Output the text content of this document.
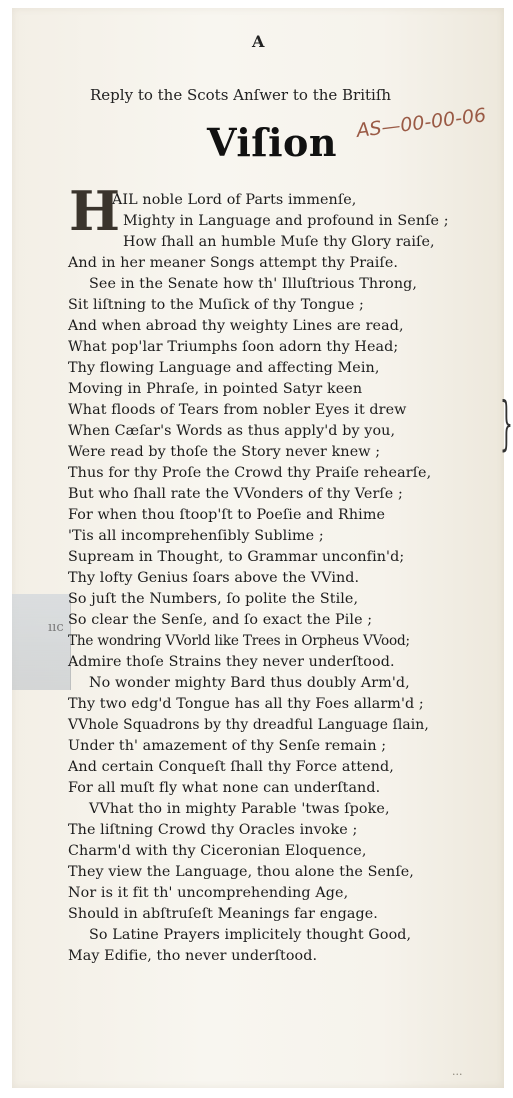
ııc
A
Reply to the Scots Anſwer to the Britiſh
Viſion AS—00-00-06
H
AIL noble Lord of Parts immenſe,
Mighty in Language and profound in Senſe ;
How ſhall an humble Muſe thy Glory raiſe,
And in her meaner Songs attempt thy Praiſe.
See in the Senate how th' Illuſtrious Throng,
Sit liſtning to the Muſick of thy Tongue ;
And when abroad thy weighty Lines are read,
What pop'lar Triumphs ſoon adorn thy Head;
Thy flowing Language and affecting Mein,
Moving in Phraſe, in pointed Satyr keen
What floods of Tears from nobler Eyes it drew
When Cæſar's Words as thus apply'd by you,
Were read by thoſe the Story never knew ;
Thus for thy Proſe the Crowd thy Praiſe rehearſe,
But who ſhall rate the VVonders of thy Verſe ;
For when thou ſtoop'ſt to Poeſie and Rhime
'Tis all incomprehenſibly Sublime ;
Supream in Thought, to Grammar unconfin'd;
Thy lofty Genius ſoars above the VVind.
So juſt the Numbers, ſo polite the Stile,
So clear the Senſe, and ſo exact the Pile ;
The wondring VVorld like Trees in Orpheus VVood;
Admire thoſe Strains they never underſtood.
No wonder mighty Bard thus doubly Arm'd,
Thy two edg'd Tongue has all thy Foes allarm'd ;
VVhole Squadrons by thy dreadful Language ſlain,
Under th' amazement of thy Senſe remain ;
And certain Conqueſt ſhall thy Force attend,
For all muſt fly what none can underſtand.
VVhat tho in mighty Parable 'twas ſpoke,
The liſtning Crowd thy Oracles invoke ;
Charm'd with thy Ciceronian Eloquence,
They view the Language, thou alone the Senſe,
Nor is it fit th' uncomprehending Age,
Should in abſtruſeſt Meanings far engage.
So Latine Prayers implicitely thought Good,
May Edifie, tho never underſtood.
}
···
